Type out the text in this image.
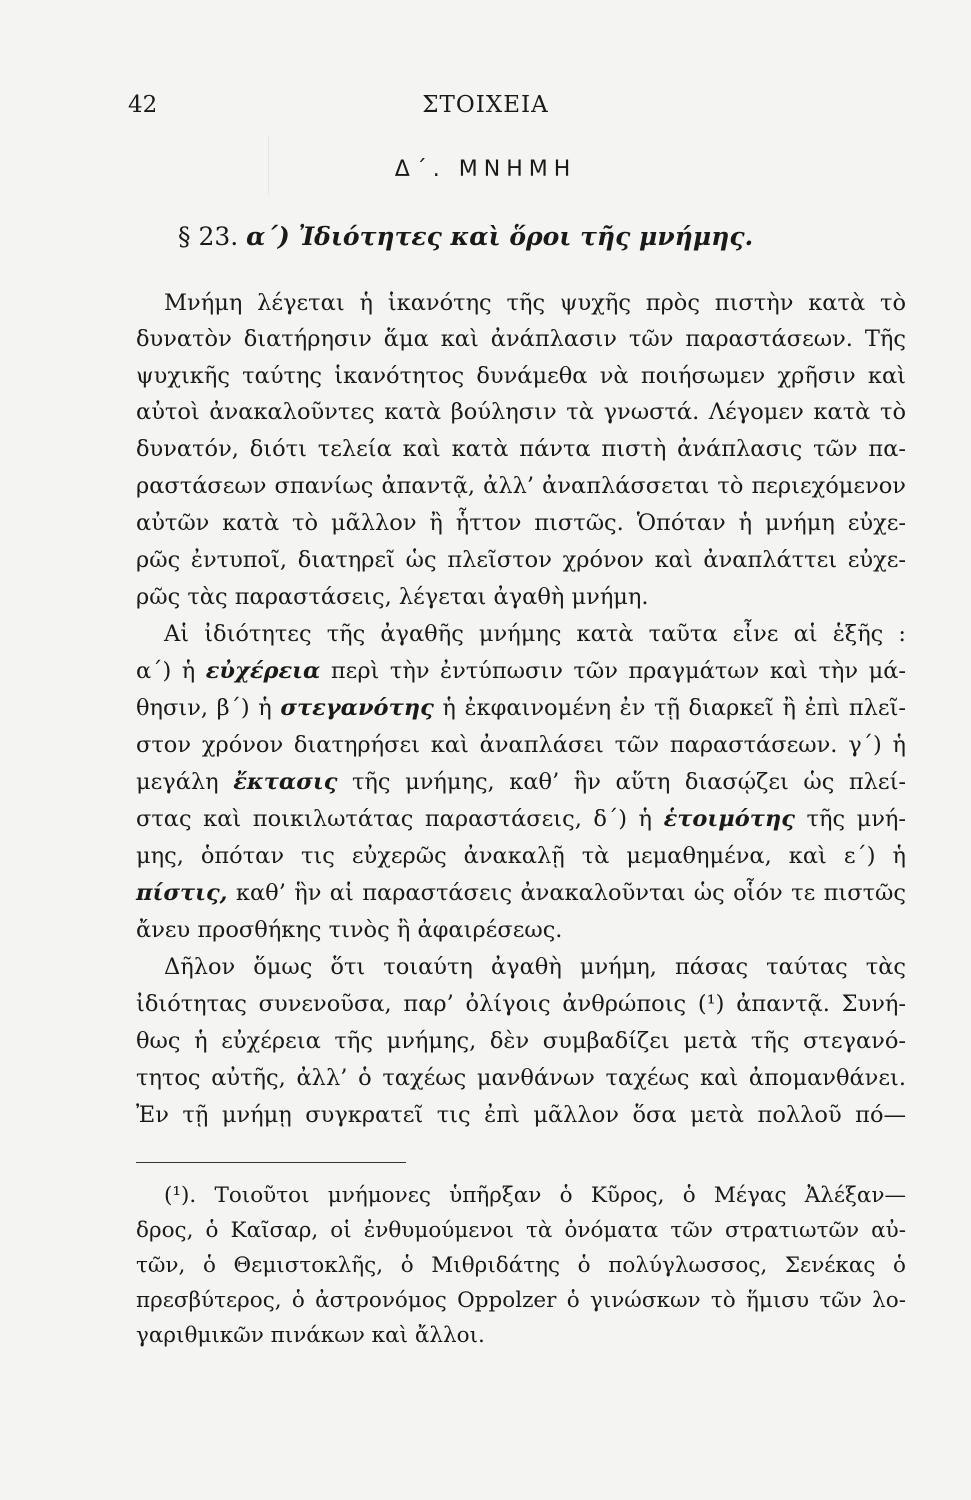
42	ΣΤΟΙΧΕΙΑ
Δ΄. ΜΝΗΜΗ
§ 23. α΄) Ἰδιότητες καὶ ὅροι τῆς μνήμης.
Μνήμη λέγεται ἡ ἱκανότης τῆς ψυχῆς πρὸς πιστὴν κατὰ τὸ
δυνατὸν διατήρησιν ἅμα καὶ ἀνάπλασιν τῶν παραστάσεων. Τῆς
ψυχικῆς ταύτης ἱκανότητος δυνάμεθα νὰ ποιήσωμεν χρῆσιν καὶ
αὐτοὶ ἀνακαλοῦντες κατὰ βούλησιν τὰ γνωστά. Λέγομεν κατὰ τὸ
δυνατόν, διότι τελεία καὶ κατὰ πάντα πιστὴ ἀνάπλασις τῶν πα-
ραστάσεων σπανίως ἀπαντᾷ, ἀλλ’ ἀναπλάσσεται τὸ περιεχόμενον
αὐτῶν κατὰ τὸ μᾶλλον ἢ ἧττον πιστῶς. Ὁπόταν ἡ μνήμη εὐχε-
ρῶς ἐντυποῖ, διατηρεῖ ὡς πλεῖστον χρόνον καὶ ἀναπλάττει εὐχε-
ρῶς τὰς παραστάσεις, λέγεται ἀγαθὴ μνήμη.
Αἱ ἰδιότητες τῆς ἀγαθῆς μνήμης κατὰ ταῦτα εἶνε αἱ ἑξῆς :
α΄) ἡ εὐχέρεια περὶ τὴν ἐντύπωσιν τῶν πραγμάτων καὶ τὴν μά-
θησιν, β΄) ἡ στεγανότης ἡ ἐκφαινομένη ἐν τῇ διαρκεῖ ἢ ἐπὶ πλεῖ-
στον χρόνον διατηρήσει καὶ ἀναπλάσει τῶν παραστάσεων. γ΄) ἡ
μεγάλη ἔκτασις τῆς μνήμης, καθ’ ἣν αὕτη διασῴζει ὡς πλεί-
στας καὶ ποικιλωτάτας παραστάσεις, δ΄) ἡ ἑτοιμότης τῆς μνή-
μης, ὁπόταν τις εὐχερῶς ἀνακαλῇ τὰ μεμαθημένα, καὶ ε΄) ἡ
πίστις, καθ’ ἣν αἱ παραστάσεις ἀνακαλοῦνται ὡς οἷόν τε πιστῶς
ἄνευ προσθήκης τινὸς ἢ ἀφαιρέσεως.
Δῆλον ὅμως ὅτι τοιαύτη ἀγαθὴ μνήμη, πάσας ταύτας τὰς
ἰδιότητας συνενοῦσα, παρ’ ὀλίγοις ἀνθρώποις (¹) ἀπαντᾷ. Συνή-
θως ἡ εὐχέρεια τῆς μνήμης, δὲν συμβαδίζει μετὰ τῆς στεγανό-
τητος αὐτῆς, ἀλλ’ ὁ ταχέως μανθάνων ταχέως καὶ ἀπομανθάνει.
Ἐν τῇ μνήμῃ συγκρατεῖ τις ἐπὶ μᾶλλον ὅσα μετὰ πολλοῦ πό—
(¹). Τοιοῦτοι μνήμονες ὑπῆρξαν ὁ Κῦρος, ὁ Μέγας Ἀλέξαν—
δρος, ὁ Καῖσαρ, οἱ ἐνθυμούμενοι τὰ ὀνόματα τῶν στρατιωτῶν αὐ-
τῶν, ὁ Θεμιστοκλῆς, ὁ Μιθριδάτης ὁ πολύγλωσσος, Σενέκας ὁ
πρεσβύτερος, ὁ ἀστρονόμος Oppolzer ὁ γινώσκων τὸ ἥμισυ τῶν λο-
γαριθμικῶν πινάκων καὶ ἄλλοι.
